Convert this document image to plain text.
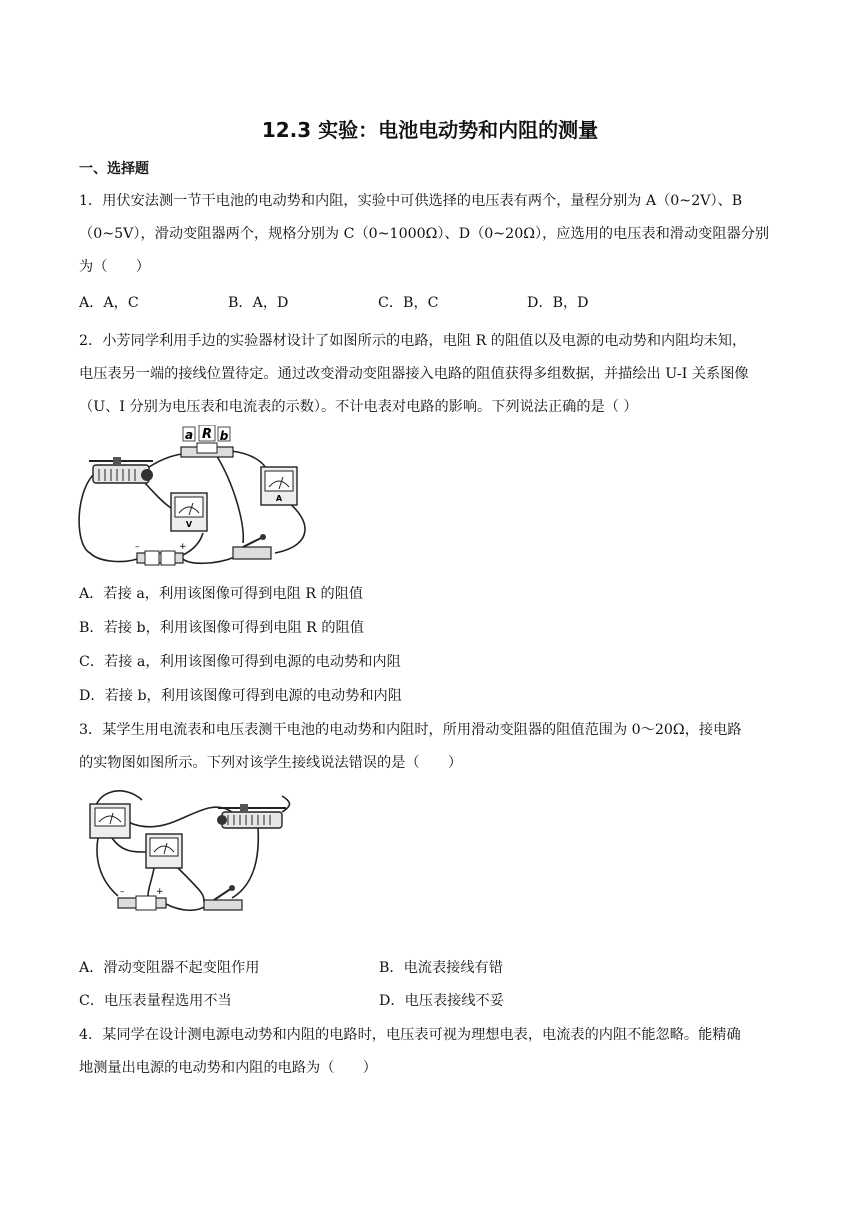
12.3 实验：电池电动势和内阻的测量
一、选择题
1．用伏安法测一节干电池的电动势和内阻，实验中可供选择的电压表有两个，量程分别为 A（0~2V）、B
（0~5V），滑动变阻器两个，规格分别为 C（0~1000Ω）、D（0~20Ω），应选用的电压表和滑动变阻器分别
为（　　）
A．A，C	B．A，D	C．B，C	D．B，D
2．小芳同学利用手边的实验器材设计了如图所示的电路，电阻 R 的阻值以及电源的电动势和内阻均未知，
电压表另一端的接线位置待定。通过改变滑动变阻器接入电路的阻值获得多组数据，并描绘出 U-I 关系图像
（U、I 分别为电压表和电流表的示数）。不计电表对电路的影响。下列说法正确的是（ ）
a R b
V
A
–	+
A．若接 a，利用该图像可得到电阻 R 的阻值
B．若接 b，利用该图像可得到电阻 R 的阻值
C．若接 a，利用该图像可得到电源的电动势和内阻
D．若接 b，利用该图像可得到电源的电动势和内阻
3．某学生用电流表和电压表测干电池的电动势和内阻时，所用滑动变阻器的阻值范围为 0～20Ω，接电路
的实物图如图所示。下列对该学生接线说法错误的是（　　）
–	+
A．滑动变阻器不起变阻作用	B．电流表接线有错
C．电压表量程选用不当	D．电压表接线不妥
4．某同学在设计测电源电动势和内阻的电路时，电压表可视为理想电表，电流表的内阻不能忽略。能精确
地测量出电源的电动势和内阻的电路为（　　）
